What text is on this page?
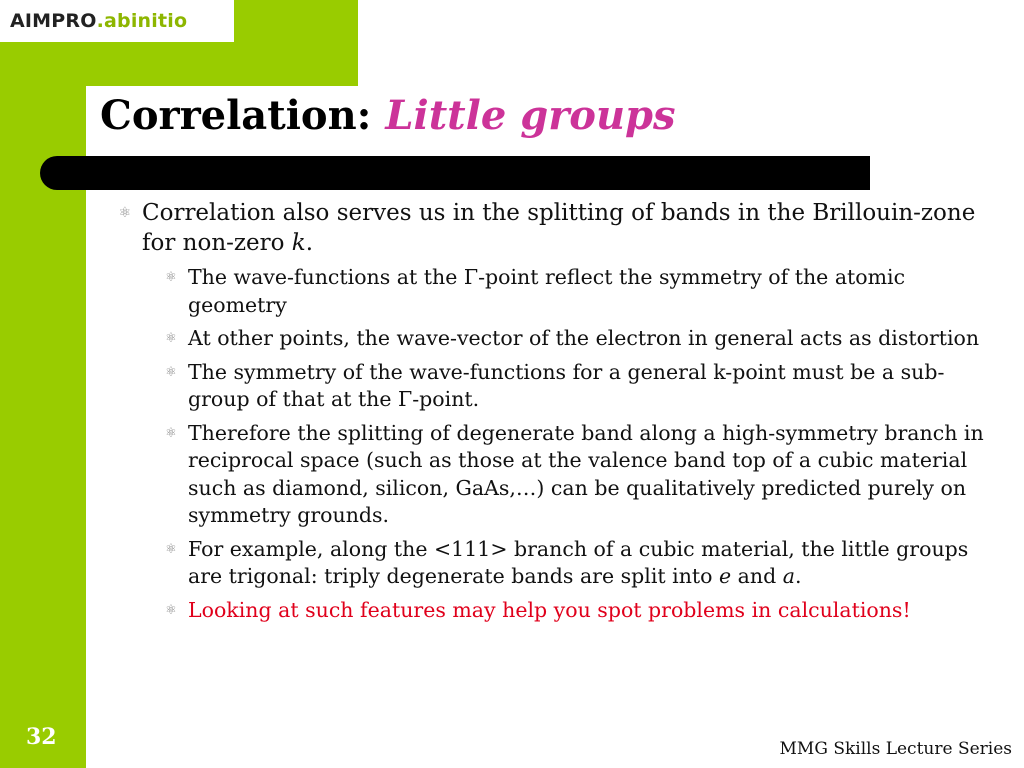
AIMPRO .abinitio
Correlation: Little groups
⚛ Correlation also serves us in the splitting of bands in the Brillouin-zone for non-zero k.
⚛ The wave-functions at the Γ-point reflect the symmetry of the atomic geometry
⚛ At other points, the wave-vector of the electron in general acts as distortion
⚛ The symmetry of the wave-functions for a general k-point must be a sub-group of that at the Γ-point.
⚛ Therefore the splitting of degenerate band along a high-symmetry branch in reciprocal space (such as those at the valence band top of a cubic material such as diamond, silicon, GaAs,…) can be qualitatively predicted purely on symmetry grounds.
⚛ For example, along the <111> branch of a cubic material, the little groups are trigonal: triply degenerate bands are split into e and a.
⚛ Looking at such features may help you spot problems in calculations!
32	MMG Skills Lecture Series
